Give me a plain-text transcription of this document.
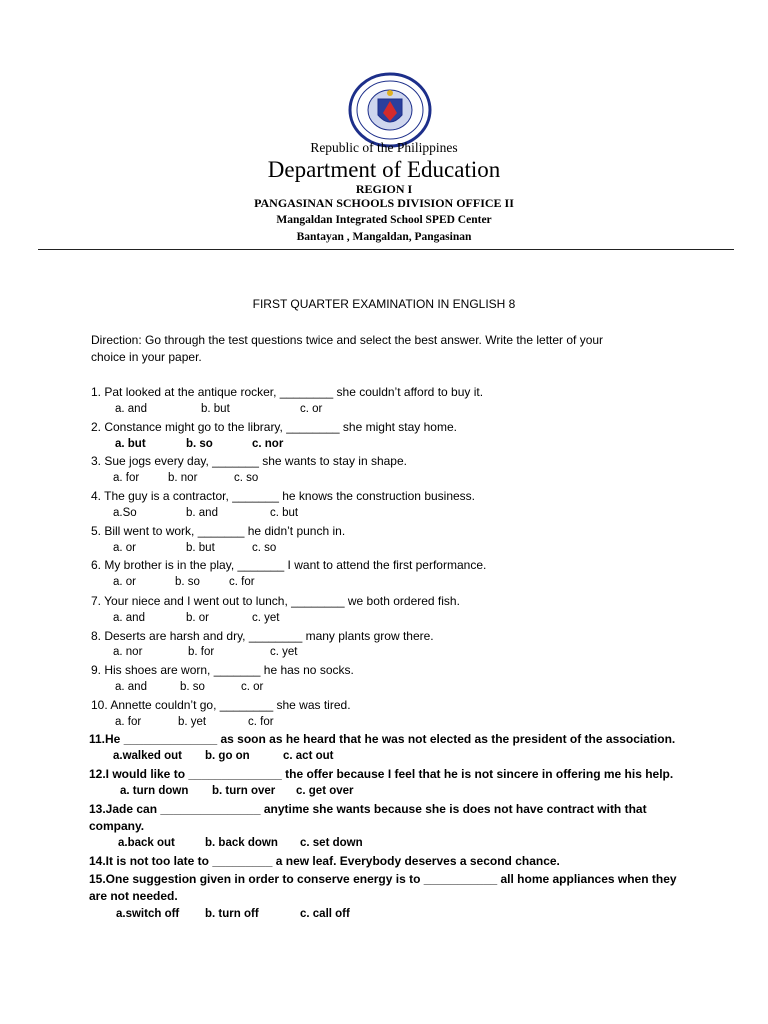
Republic of the Philippines
Department of Education
REGION I
PANGASINAN SCHOOLS DIVISION OFFICE II
Mangaldan Integrated School SPED Center
Bantayan , Mangaldan, Pangasinan
FIRST QUARTER EXAMINATION IN ENGLISH 8
Direction: Go through the test questions twice and select the best answer. Write the letter of your
choice in your paper.
1. Pat looked at the antique rocker, ________ she couldn’t afford to buy it.
a. and	b. but	c. or
2. Constance might go to the library, ________ she might stay home.
a. but	b. so	c. nor
3. Sue jogs every day, _______ she wants to stay in shape.
a. for	b. nor	c. so
4. The guy is a contractor, _______ he knows the construction business.
a.So	b. and	c. but
5. Bill went to work, _______ he didn’t punch in.
a. or	b. but	c. so
6. My brother is in the play, _______ I want to attend the first performance.
a. or	b. so	c. for
7. Your niece and I went out to lunch, ________ we both ordered fish.
a. and	b. or	c. yet
8. Deserts are harsh and dry, ________ many plants grow there.
a. nor	b. for	c. yet
9. His shoes are worn, _______ he has no socks.
a. and	b. so	c. or
10. Annette couldn’t go, ________ she was tired.
a. for	b. yet	c. for
11.He ______________ as soon as he heard that he was not elected as the president of the association.
a.walked out b. go on	c. act out
12.I would like to ______________ the offer because I feel that he is not sincere in offering me his help.
a. turn down b. turn over c. get over
13.Jade can _______________ anytime she wants because she is does not have contract with that
company.
a.back out	b. back down c. set down
14.It is not too late to _________ a new leaf. Everybody deserves a second chance.
15.One suggestion given in order to conserve energy is to ___________ all home appliances when they
are not needed.
a.switch off b. turn off	c. call off
